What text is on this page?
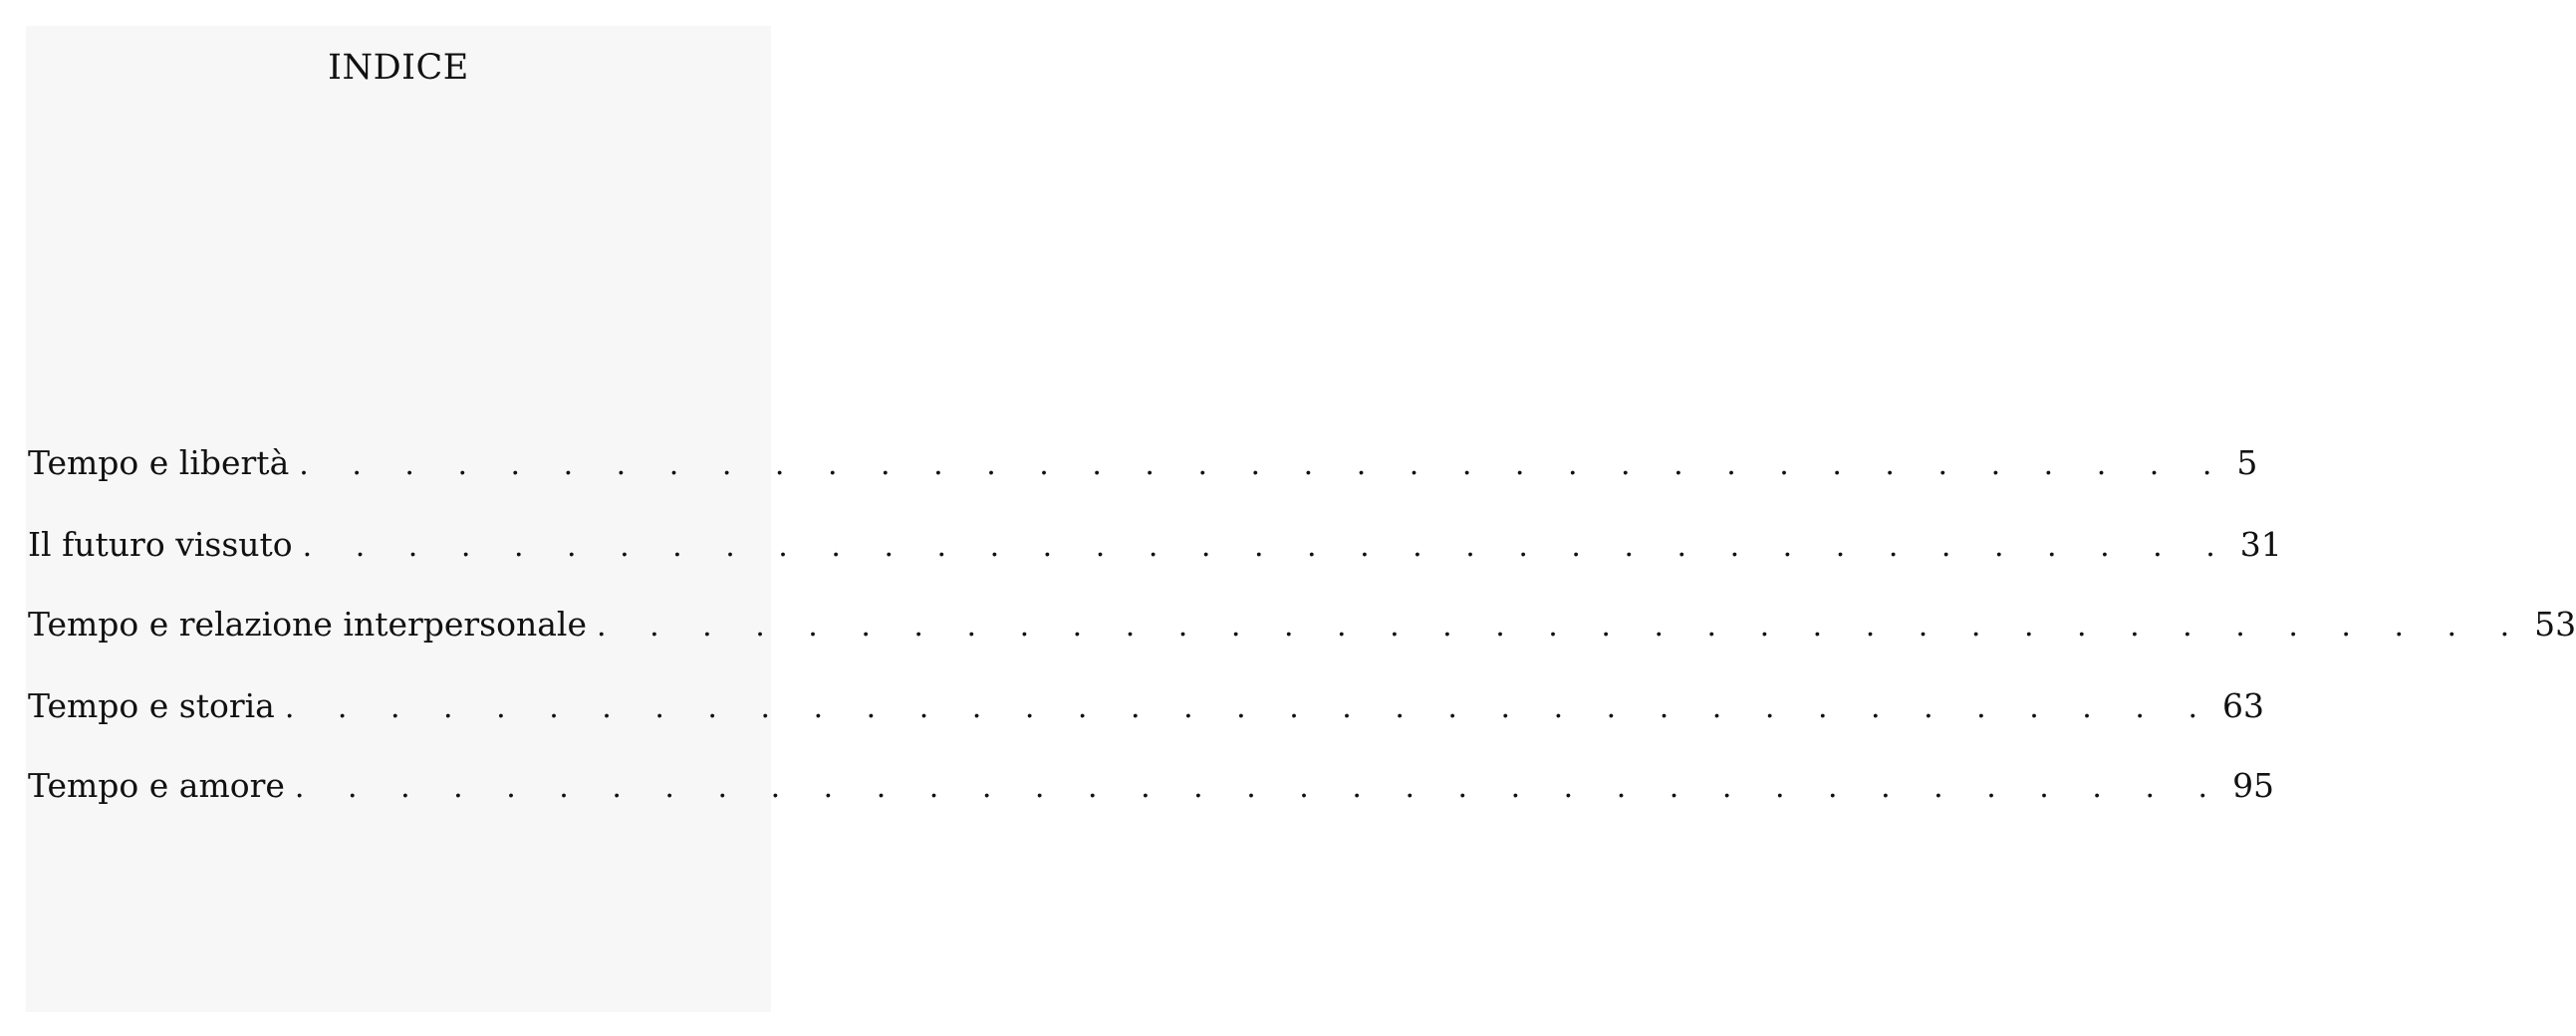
INDICE
Tempo e libertà . . . . . . . . . . . . . . . . . . . . . . . . . . . . . . . . . . . . . 5
Il futuro vissuto . . . . . . . . . . . . . . . . . . . . . . . . . . . . . . . . . . . . . 31
Tempo e relazione interpersonale . . . . . . . . . . . . . . . . . . . . . . . . . . . . . . . . . . . . . 53
Tempo e storia . . . . . . . . . . . . . . . . . . . . . . . . . . . . . . . . . . . . . 63
Tempo e amore . . . . . . . . . . . . . . . . . . . . . . . . . . . . . . . . . . . . . 95
